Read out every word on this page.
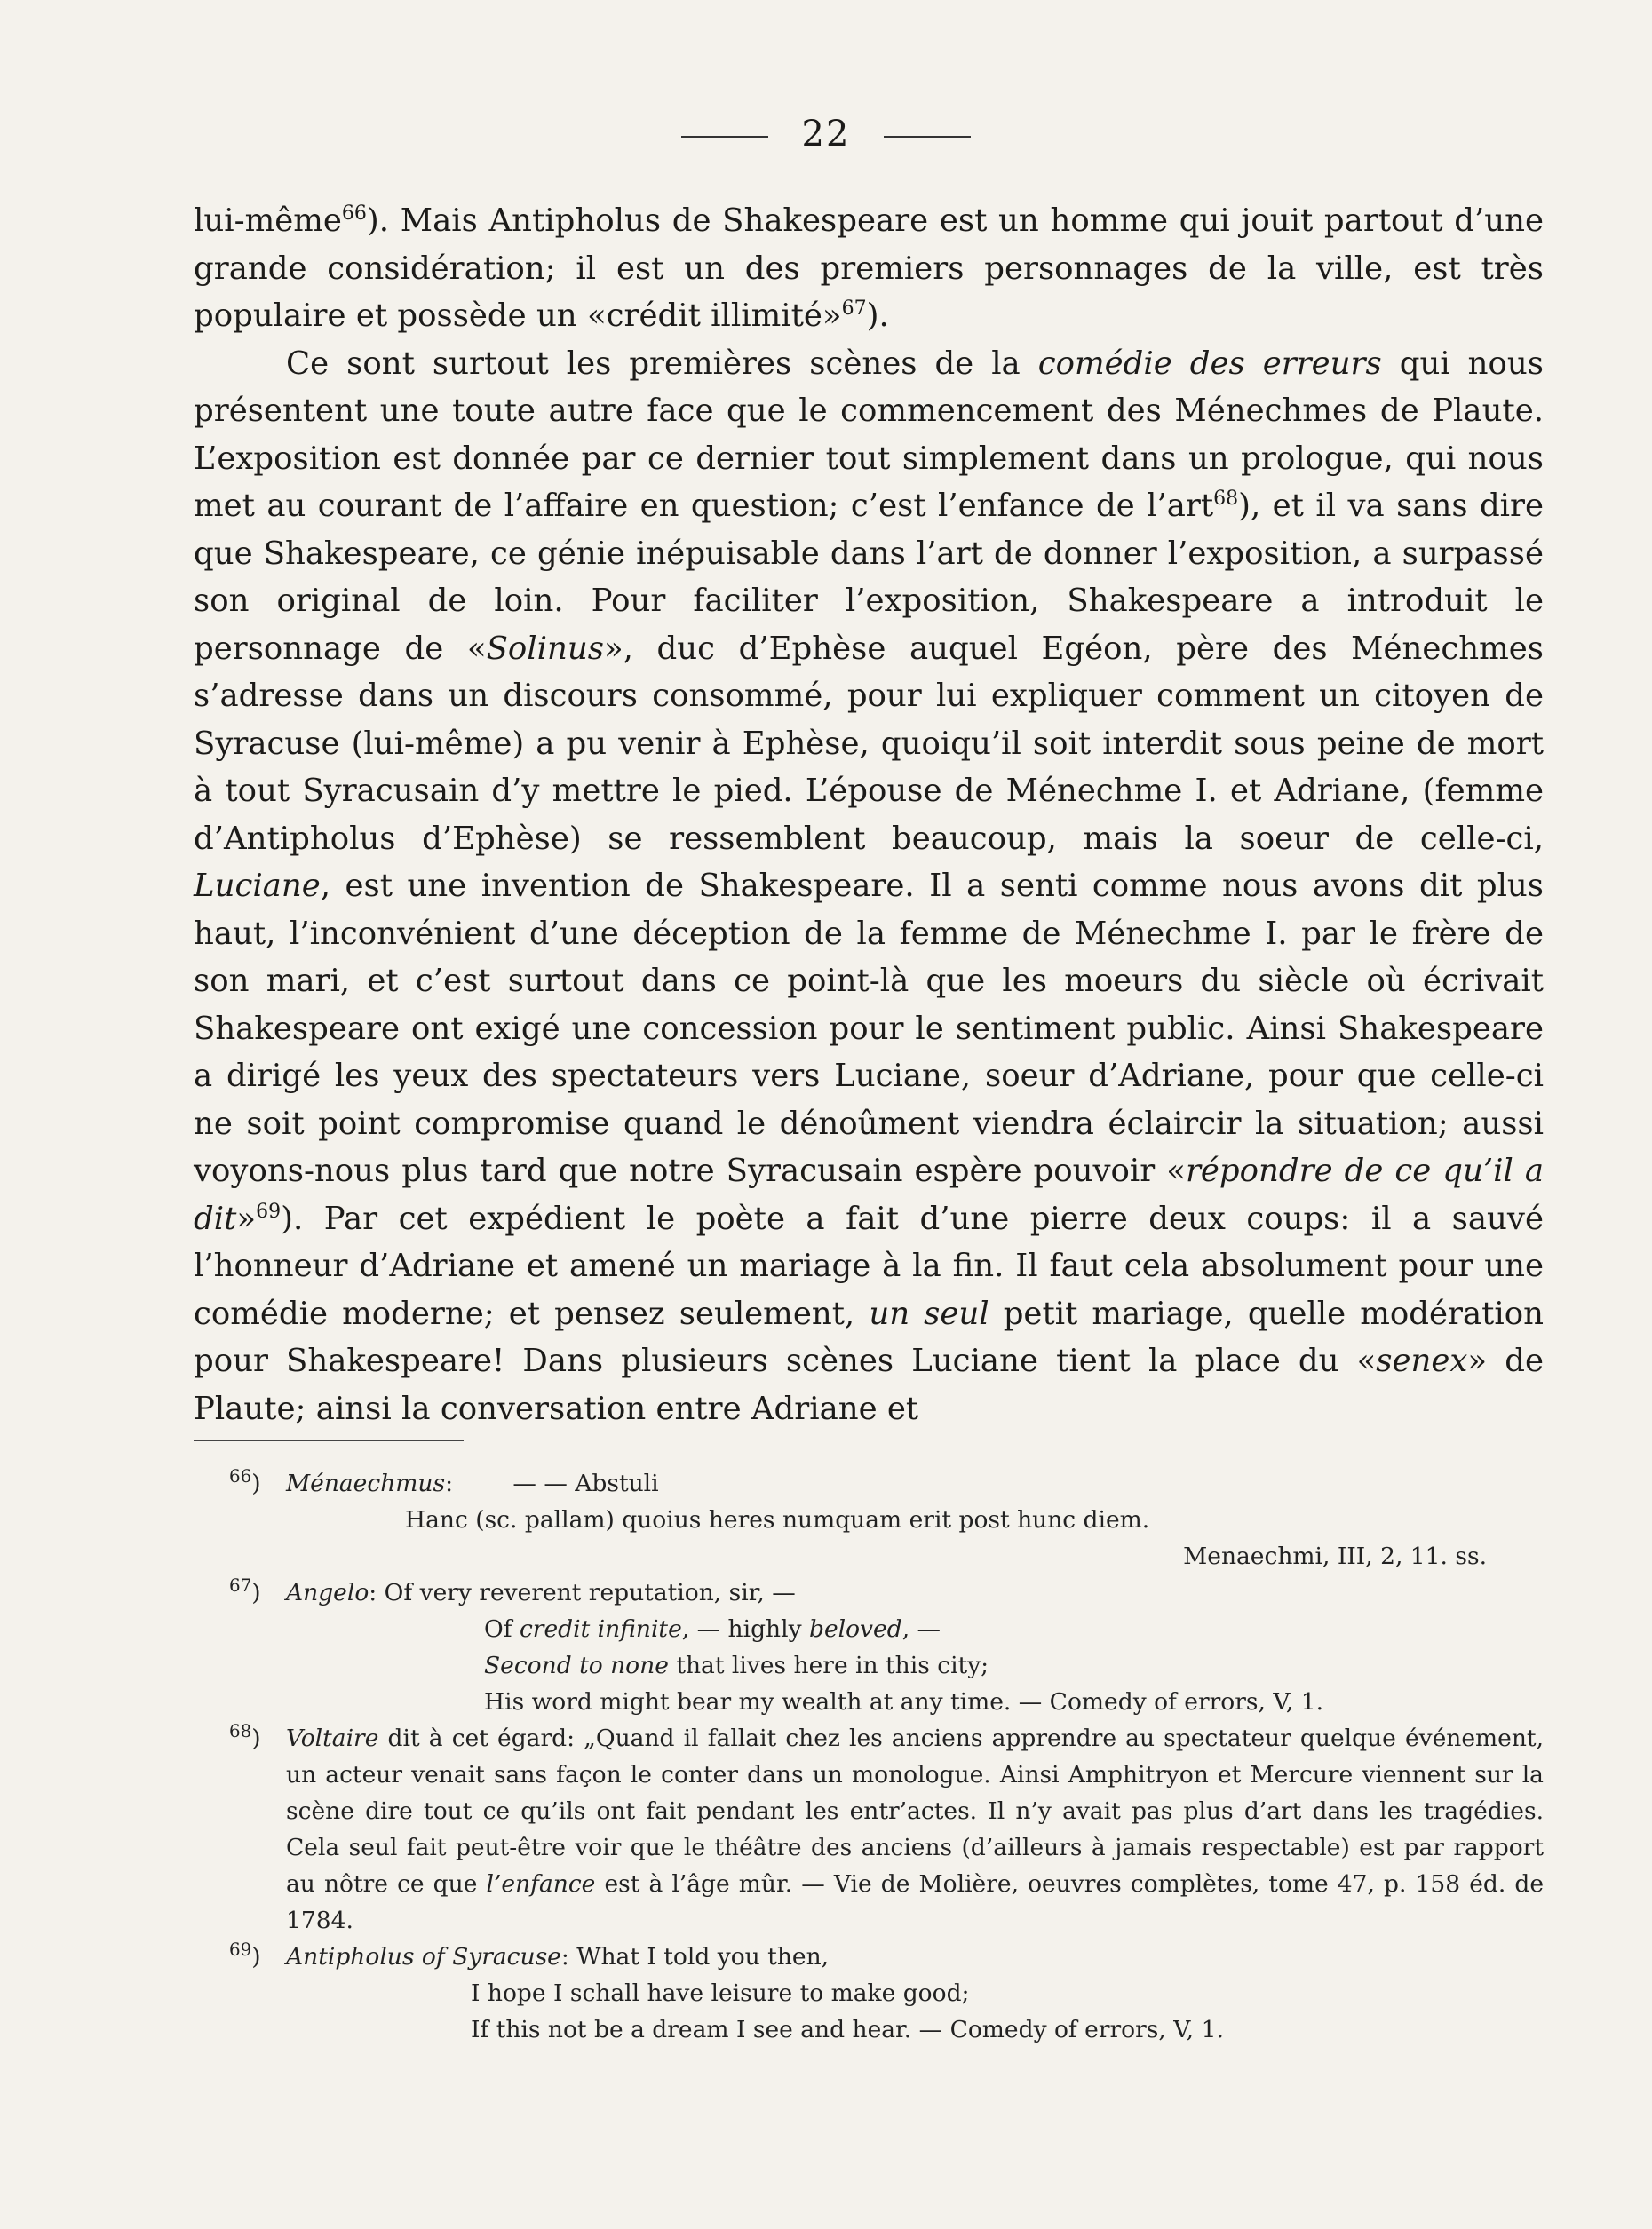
22

lui-même$^{66}$). Mais Antipholus de Shakespeare est un homme qui jouit partout d’une grande considération; il est un des premiers personnages de la ville, est très populaire et possède un «crédit illimité»$^{67}$).

Ce sont surtout les premières scènes de la comédie des erreurs qui nous présentent une toute autre face que le commencement des Ménechmes de Plaute. L’exposition est donnée par ce dernier tout simplement dans un prologue, qui nous met au courant de l’affaire en question; c’est l’enfance de l’art$^{68}$), et il va sans dire que Shakespeare, ce génie inépuisable dans l’art de donner l’exposition, a surpassé son original de loin. Pour faciliter l’exposition, Shakespeare a introduit le personnage de «Solinus», duc d’Ephèse auquel Egéon, père des Ménechmes s’adresse dans un discours consommé, pour lui expliquer comment un citoyen de Syracuse (lui-même) a pu venir à Ephèse, quoiqu’il soit interdit sous peine de mort à tout Syracusain d’y mettre le pied. L’épouse de Ménechme I. et Adriane, (femme d’Antipholus d’Ephèse) se ressemblent beaucoup, mais la soeur de celle-ci, Luciane, est une invention de Shakespeare. Il a senti comme nous avons dit plus haut, l’inconvénient d’une déception de la femme de Ménechme I. par le frère de son mari, et c’est surtout dans ce point-là que les moeurs du siècle où écrivait Shakespeare ont exigé une concession pour le sentiment public. Ainsi Shakespeare a dirigé les yeux des spectateurs vers Luciane, soeur d’Adriane, pour que celle-ci ne soit point compromise quand le dénoûment viendra éclaircir la situation; aussi voyons-nous plus tard que notre Syracusain espère pouvoir «répondre de ce qu’il a dit»$^{69}$). Par cet expédient le poète a fait d’une pierre deux coups: il a sauvé l’honneur d’Adriane et amené un mariage à la fin. Il faut cela absolument pour une comédie moderne; et pensez seulement, un seul petit mariage, quelle modération pour Shakespeare! Dans plusieurs scènes Luciane tient la place du «senex» de Plaute; ainsi la conversation entre Adriane et

$^{66}$) Ménaechmus:        — — Abstuli
Hanc (sc. pallam) quoius heres numquam erit post hunc diem.
Menaechmi, III, 2, 11. ss.
$^{67}$) Angelo: Of very reverent reputation, sir, —
Of credit infinite, — highly beloved, —
Second to none that lives here in this city;
His word might bear my wealth at any time. — Comedy of errors, V, 1.
$^{68}$) Voltaire dit à cet égard: „Quand il fallait chez les anciens apprendre au spectateur quelque événement, un acteur venait sans façon le conter dans un monologue. Ainsi Amphitryon et Mercure viennent sur la scène dire tout ce qu’ils ont fait pendant les entr’actes. Il n’y avait pas plus d’art dans les tragédies. Cela seul fait peut-être voir que le théâtre des anciens (d’ailleurs à jamais respectable) est par rapport au nôtre ce que l’enfance est à l’âge mûr. — Vie de Molière, oeuvres complètes, tome 47, p. 158 éd. de 1784.
$^{69}$) Antipholus of Syracuse: What I told you then,
I hope I schall have leisure to make good;
If this not be a dream I see and hear. — Comedy of errors, V, 1.
